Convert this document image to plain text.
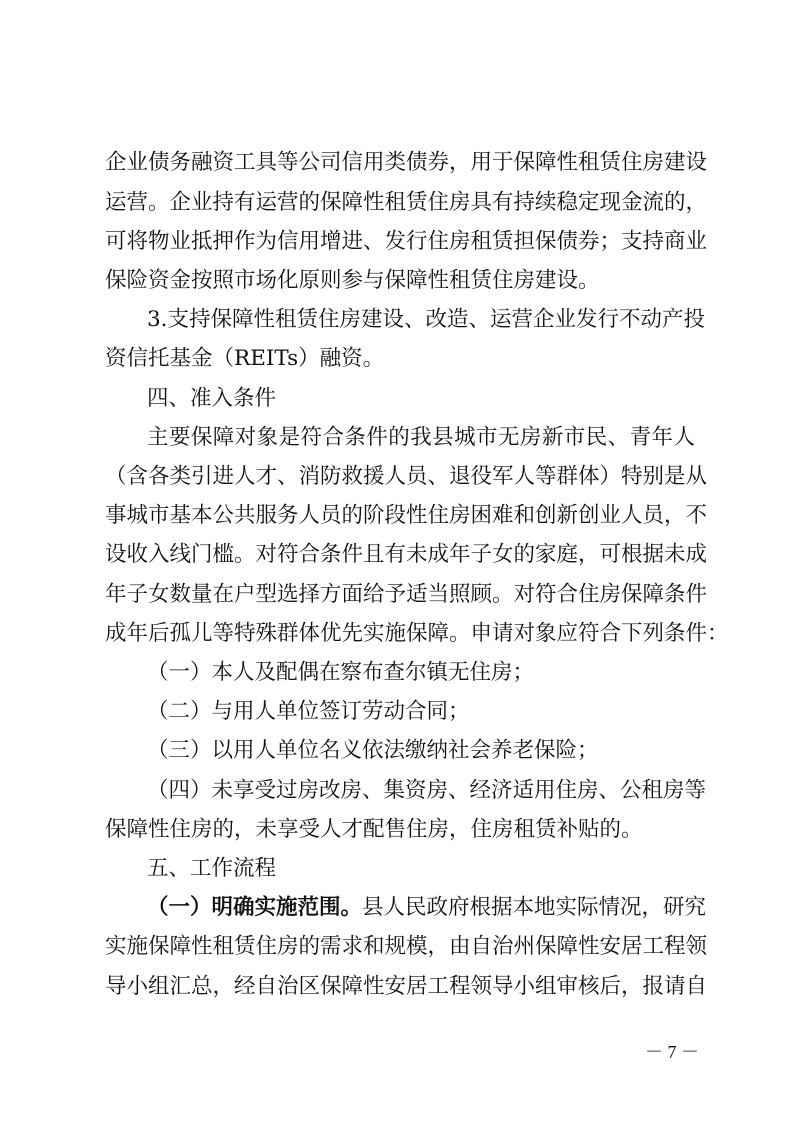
企业债务融资工具等公司信用类债券，用于保障性租赁住房建设
运营。企业持有运营的保障性租赁住房具有持续稳定现金流的，
可将物业抵押作为信用增进、发行住房租赁担保债券；支持商业
保险资金按照市场化原则参与保障性租赁住房建设。
3.支持保障性租赁住房建设、改造、运营企业发行不动产投
资信托基金（REITs）融资。
四、准入条件
主要保障对象是符合条件的我县城市无房新市民、青年人
（含各类引进人才、消防救援人员、退役军人等群体）特别是从
事城市基本公共服务人员的阶段性住房困难和创新创业人员，不
设收入线门槛。对符合条件且有未成年子女的家庭，可根据未成
年子女数量在户型选择方面给予适当照顾。对符合住房保障条件
成年后孤儿等特殊群体优先实施保障。申请对象应符合下列条件：
（一）本人及配偶在察布查尔镇无住房；
（二）与用人单位签订劳动合同；
（三）以用人单位名义依法缴纳社会养老保险；
（四）未享受过房改房、集资房、经济适用住房、公租房等
保障性住房的，未享受人才配售住房，住房租赁补贴的。
五、工作流程
（一）明确实施范围。县人民政府根据本地实际情况，研究
实施保障性租赁住房的需求和规模，由自治州保障性安居工程领
导小组汇总，经自治区保障性安居工程领导小组审核后，报请自
－ 7 －
